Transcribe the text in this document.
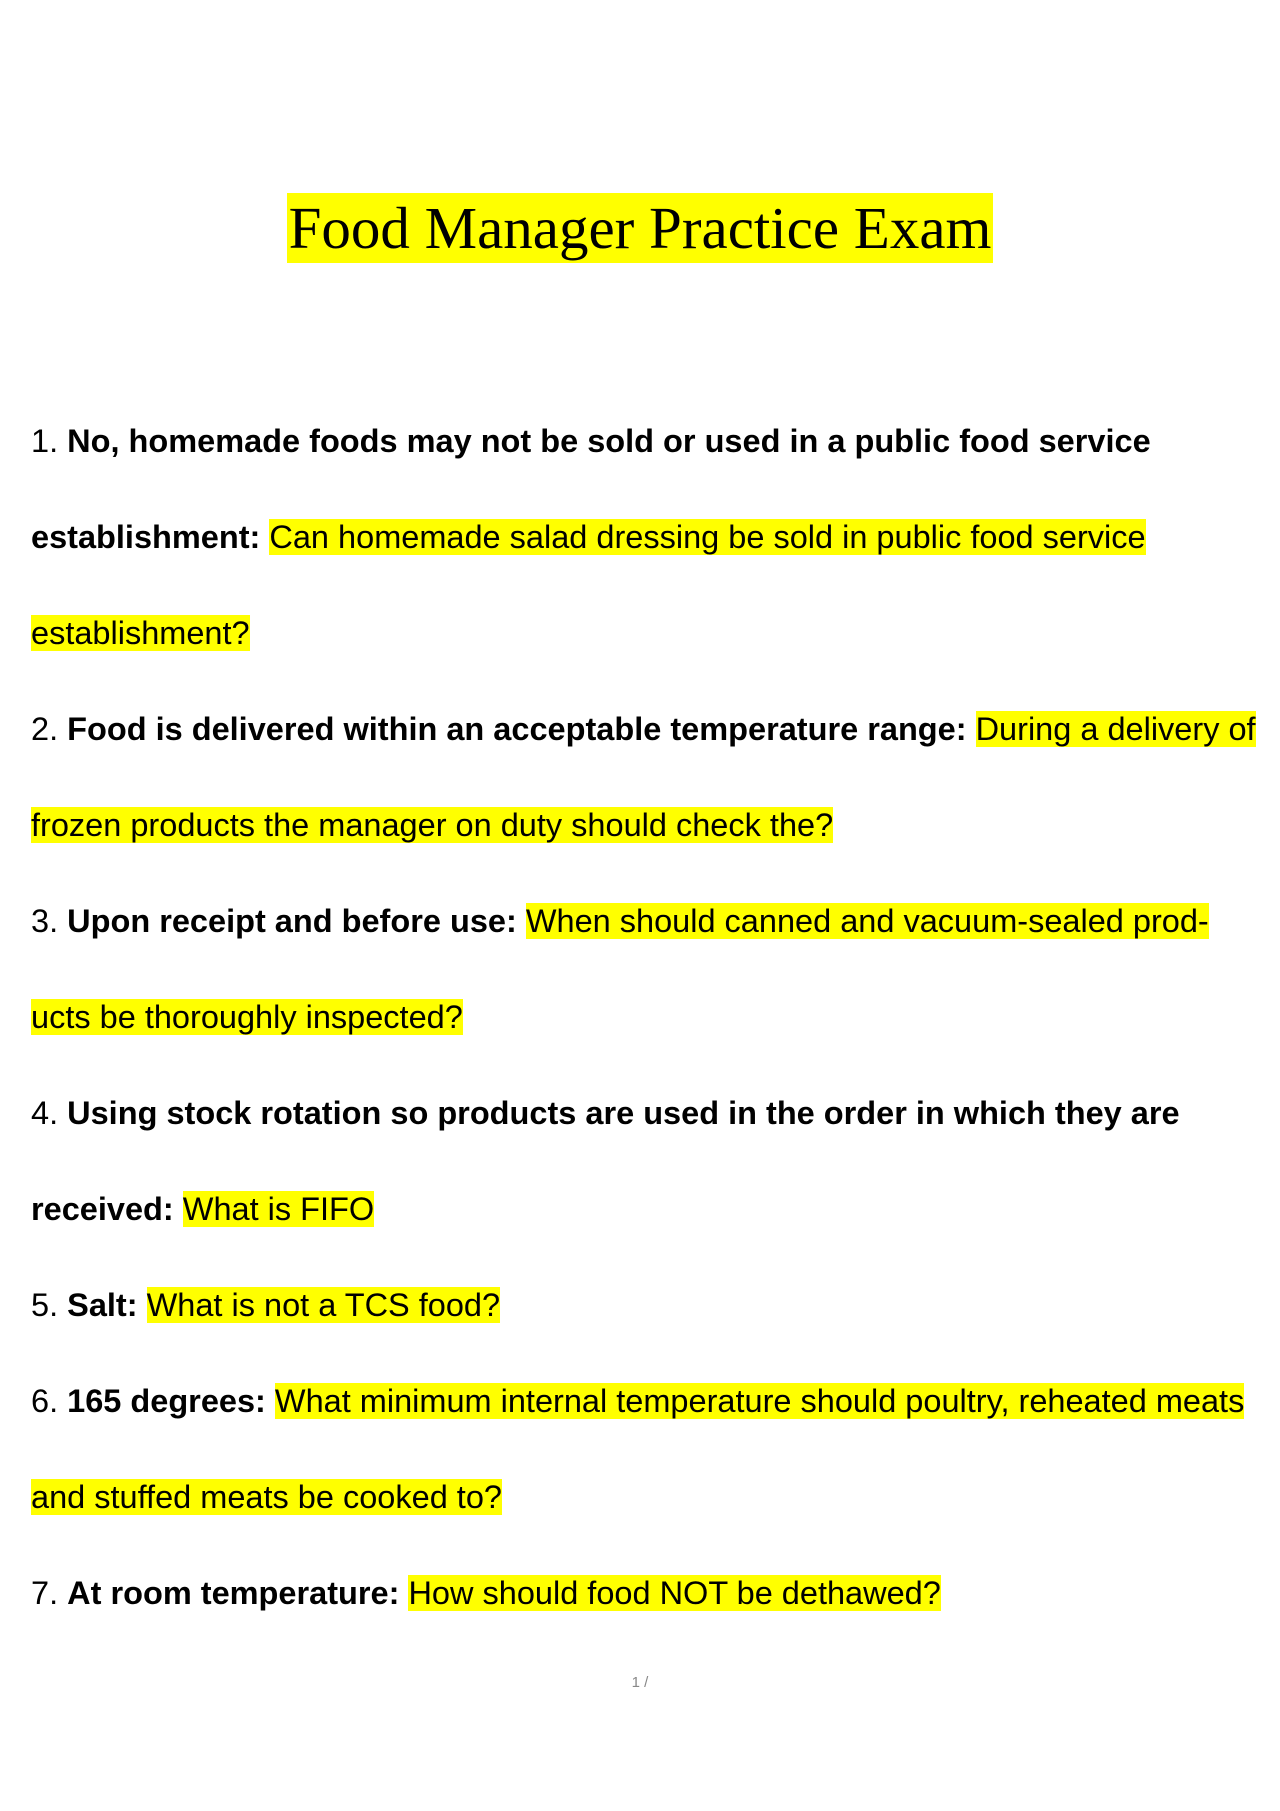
Food Manager Practice Exam

1. No, homemade foods may not be sold or used in a public food service establishment: Can homemade salad dressing be sold in public food service establishment?

2. Food is delivered within an acceptable temperature range: During a delivery of frozen products the manager on duty should check the?

3. Upon receipt and before use: When should canned and vacuum-sealed prod- ucts be thoroughly inspected?

4. Using stock rotation so products are used in the order in which they are received: What is FIFO

5. Salt: What is not a TCS food?

6. 165 degrees: What minimum internal temperature should poultry, reheated meats and stuffed meats be cooked to?

7. At room temperature: How should food NOT be dethawed?

1 /
